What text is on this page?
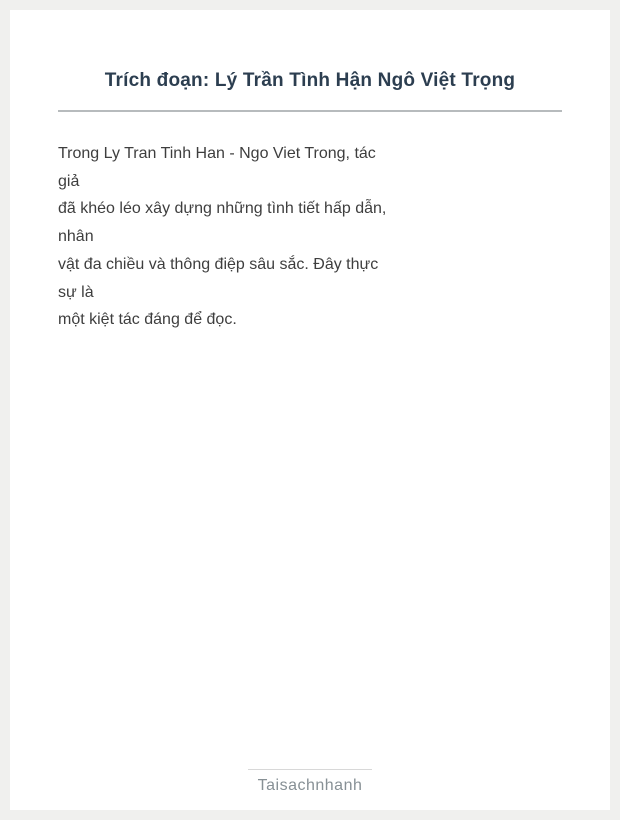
Trích đoạn: Lý Trần Tình Hận Ngô Việt Trọng
Trong Ly Tran Tinh Han - Ngo Viet Trong, tác
giả
đã khéo léo xây dựng những tình tiết hấp dẫn,
nhân
vật đa chiều và thông điệp sâu sắc. Đây thực
sự là
một kiệt tác đáng để đọc.
Taisachnhanh
